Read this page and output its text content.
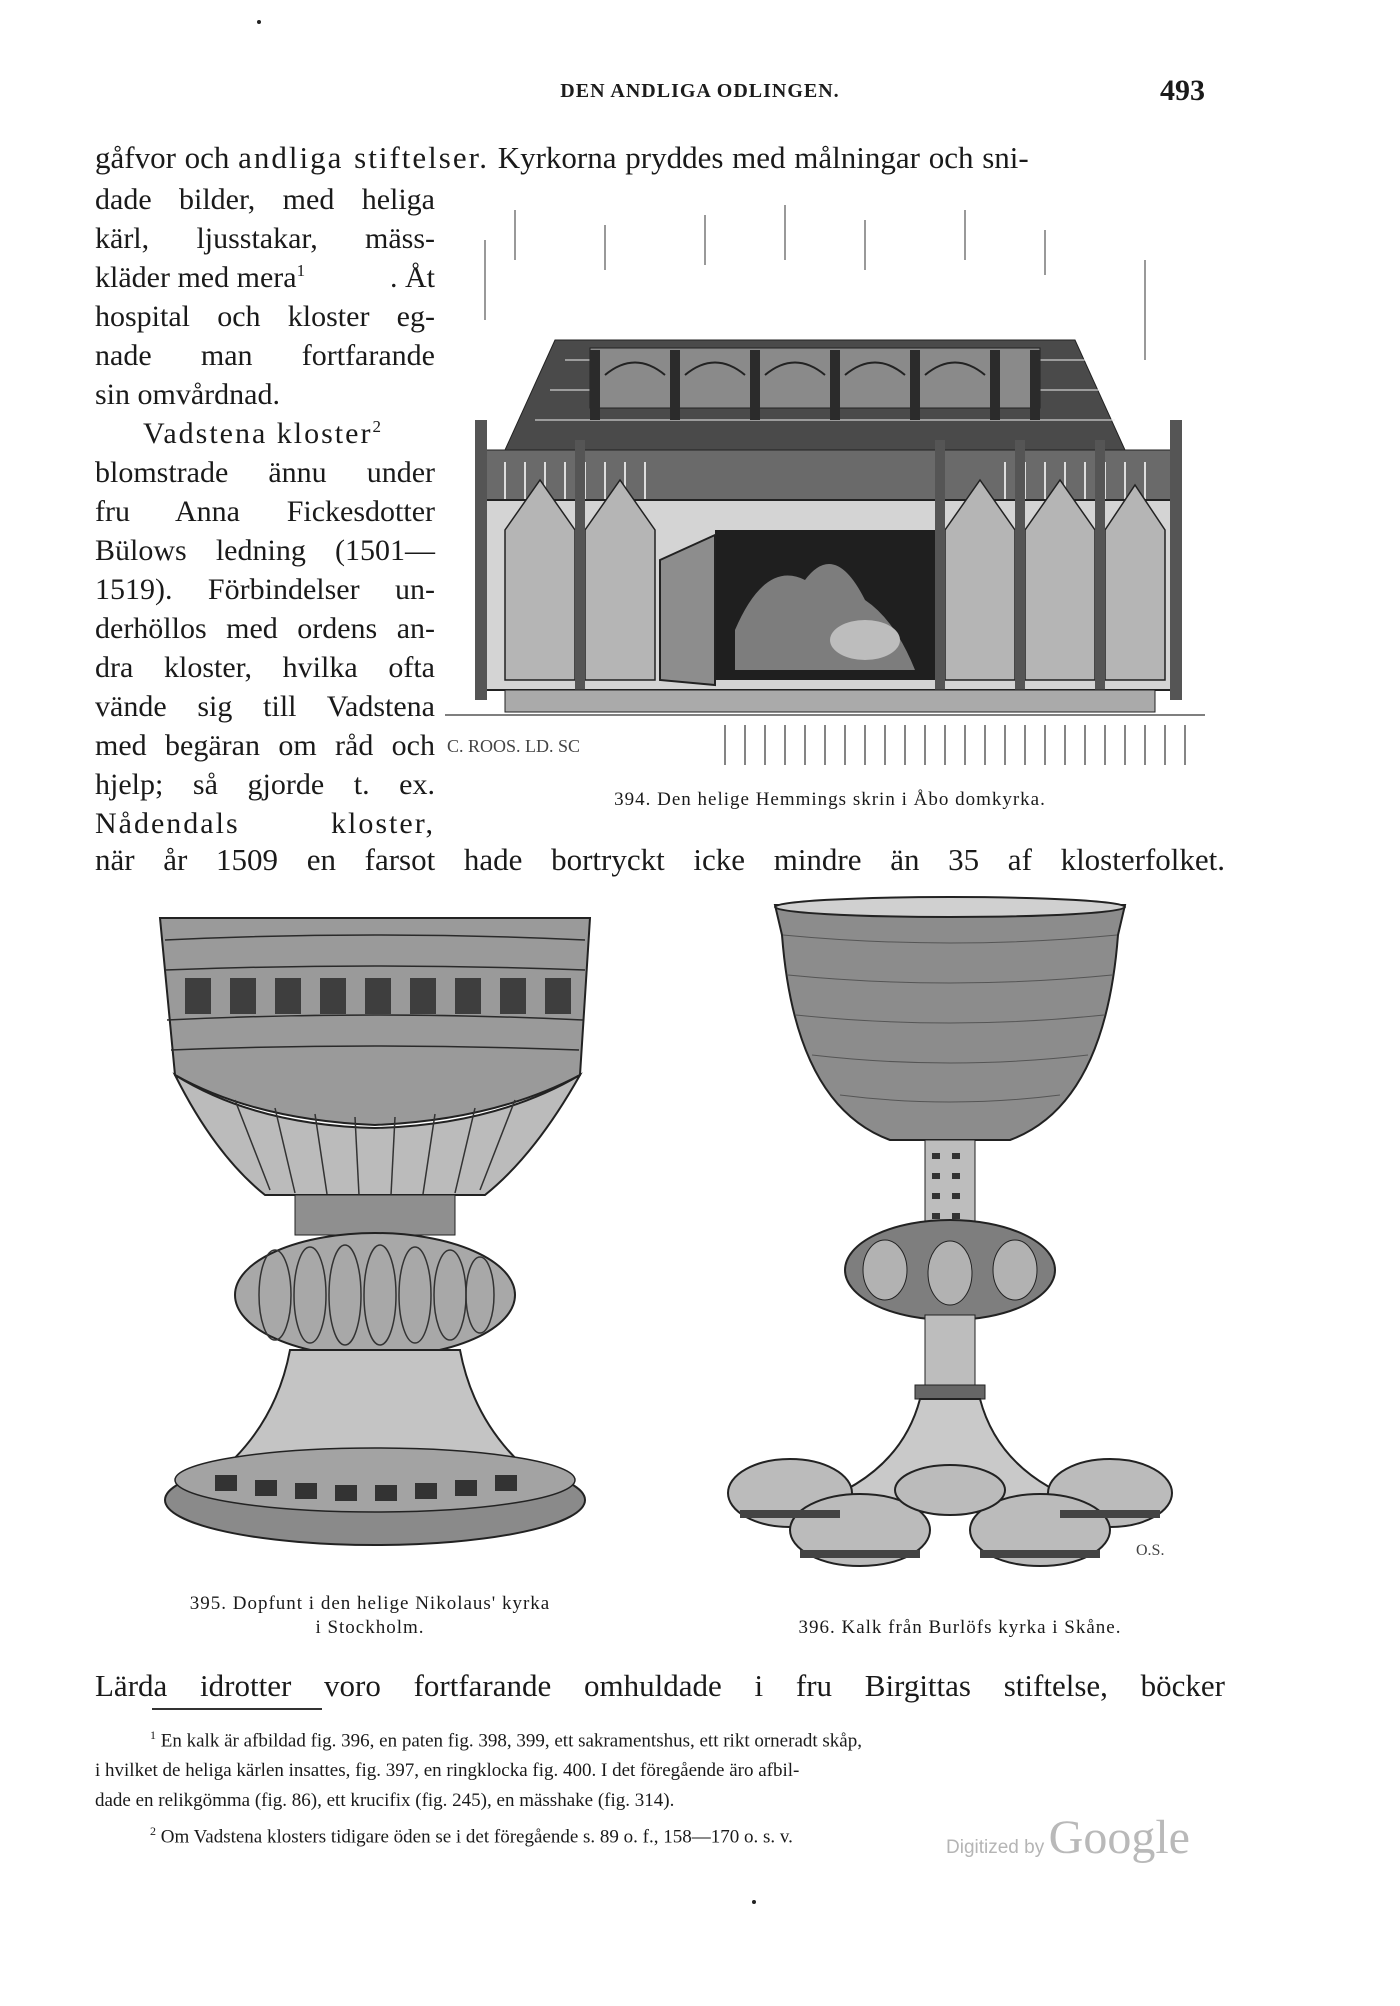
DEN ANDLIGA ODLINGEN.	493
gåfvor och andliga stiftelser. Kyrkorna pryddes med målningar och sni-
dade bilder, med heliga
kärl, ljusstakar, mäss-
kläder med mera$^1$	. Åt
hospital och kloster eg-
nade man fortfarande
sin omvårdnad.
Vadstena kloster$^2$
blomstrade ännu under
fru Anna Fickesdotter
Bülows ledning (1501—
1519). Förbindelser un-
derhöllos med ordens an-
dra kloster, hvilka ofta
vände sig till Vadstena
med begäran om råd och
hjelp; så gjorde t. ex.
Nådendals kloster,
C. ROOS. LD. SC
394. Den helige Hemmings skrin i Åbo domkyrka.
när år 1509 en farsot hade bortryckt icke mindre än 35 af klosterfolket.
395. Dopfunt i den helige Nikolaus' kyrka
i Stockholm.
O.S.
396. Kalk från Burlöfs kyrka i Skåne.
Lärda idrotter voro fortfarande omhuldade i fru Birgittas stiftelse, böcker
$^1$ En kalk är afbildad fig. 396, en paten fig. 398, 399, ett sakramentshus, ett rikt orneradt skåp,
i hvilket de heliga kärlen insattes, fig. 397, en ringklocka fig. 400. I det föregående äro afbil-
dade en relikgömma (fig. 86), ett krucifix (fig. 245), en mässhake (fig. 314).
$^2$ Om Vadstena klosters tidigare öden se i det föregående s. 89 o. f., 158—170 o. s. v.	Digitized by Google
